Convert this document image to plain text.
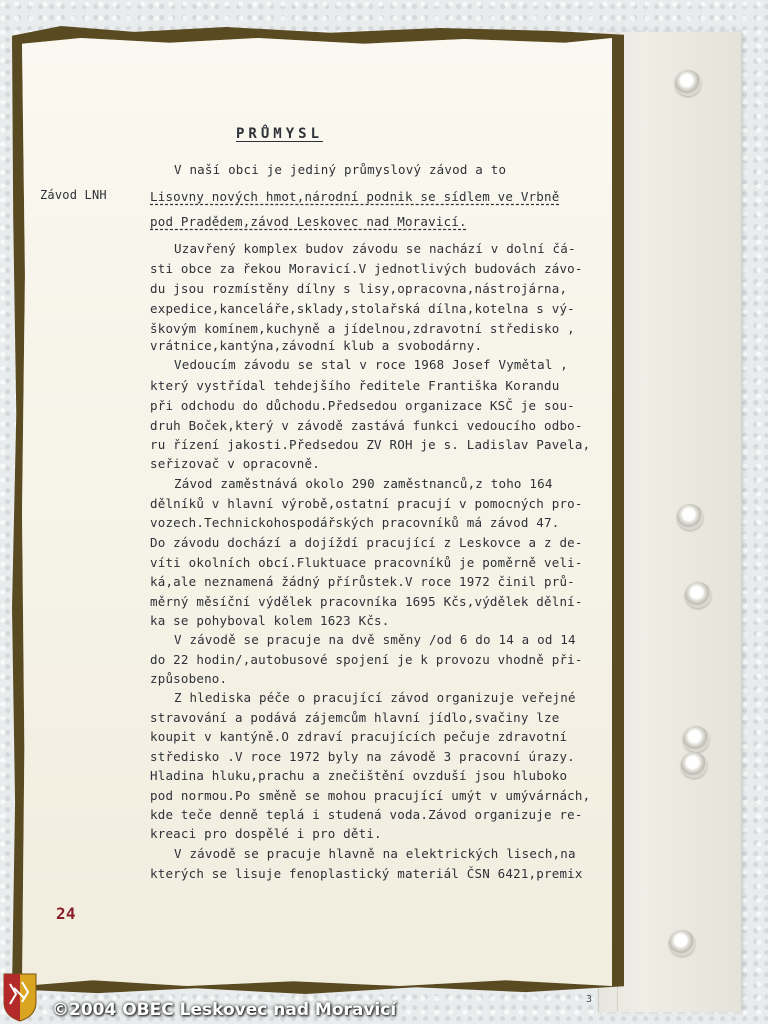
PRŮMYSL
Závod LNH
V naší obci je jediný průmyslový závod a to
Lisovny nových hmot,národní podnik se sídlem ve Vrbně
pod Pradědem,závod Leskovec nad Moravicí.
Uzavřený komplex budov závodu se nachází v dolní čá-
sti obce za řekou Moravicí.V jednotlivých budovách závo-
du jsou rozmístěny dílny s lisy,opracovna,nástrojárna,
expedice,kanceláře,sklady,stolařská dílna,kotelna s vý-
škovým komínem,kuchyně a jídelnou,zdravotní středisko ,
vrátnice,kantýna,závodní klub a svobodárny.
Vedoucím závodu se stal v roce 1968 Josef Vymětal ,
který vystřídal tehdejšího ředitele Františka Korandu
při odchodu do důchodu.Předsedou organizace KSČ je sou-
druh Boček,který v závodě zastává funkci vedoucího odbo-
ru řízení jakosti.Předsedou ZV ROH je s. Ladislav Pavela,
seřizovač v opracovně.
Závod zaměstnává okolo 290 zaměstnanců,z toho 164
dělníků v hlavní výrobě,ostatní pracují v pomocných pro-
vozech.Technickohospodářských pracovníků má závod 47.
Do závodu dochází a dojíždí pracující z Leskovce a z de-
víti okolních obcí.Fluktuace pracovníků je poměrně veli-
ká,ale neznamená žádný přírůstek.V roce 1972 činil prů-
měrný měsíční výdělek pracovníka 1695 Kčs,výdělek dělní-
ka se pohyboval kolem 1623 Kčs.
V závodě se pracuje na dvě směny /od 6 do 14 a od 14
do 22 hodin/,autobusové spojení je k provozu vhodně při-
způsobeno.
Z hlediska péče o pracující závod organizuje veřejné
stravování a podává zájemcům hlavní jídlo,svačiny lze
koupit v kantýně.O zdraví pracujících pečuje zdravotní
středisko .V roce 1972 byly na závodě 3 pracovní úrazy.
Hladina hluku,prachu a znečištění ovzduší jsou hluboko
pod normou.Po směně se mohou pracující umýt v umývárnách,
kde teče denně teplá i studená voda.Závod organizuje re-
kreaci pro dospělé i pro děti.
V závodě se pracuje hlavně na elektrických lisech,na
kterých se lisuje fenoplastický materiál ČSN 6421,premix
24
3
©2004 OBEC Leskovec nad Moravicí
